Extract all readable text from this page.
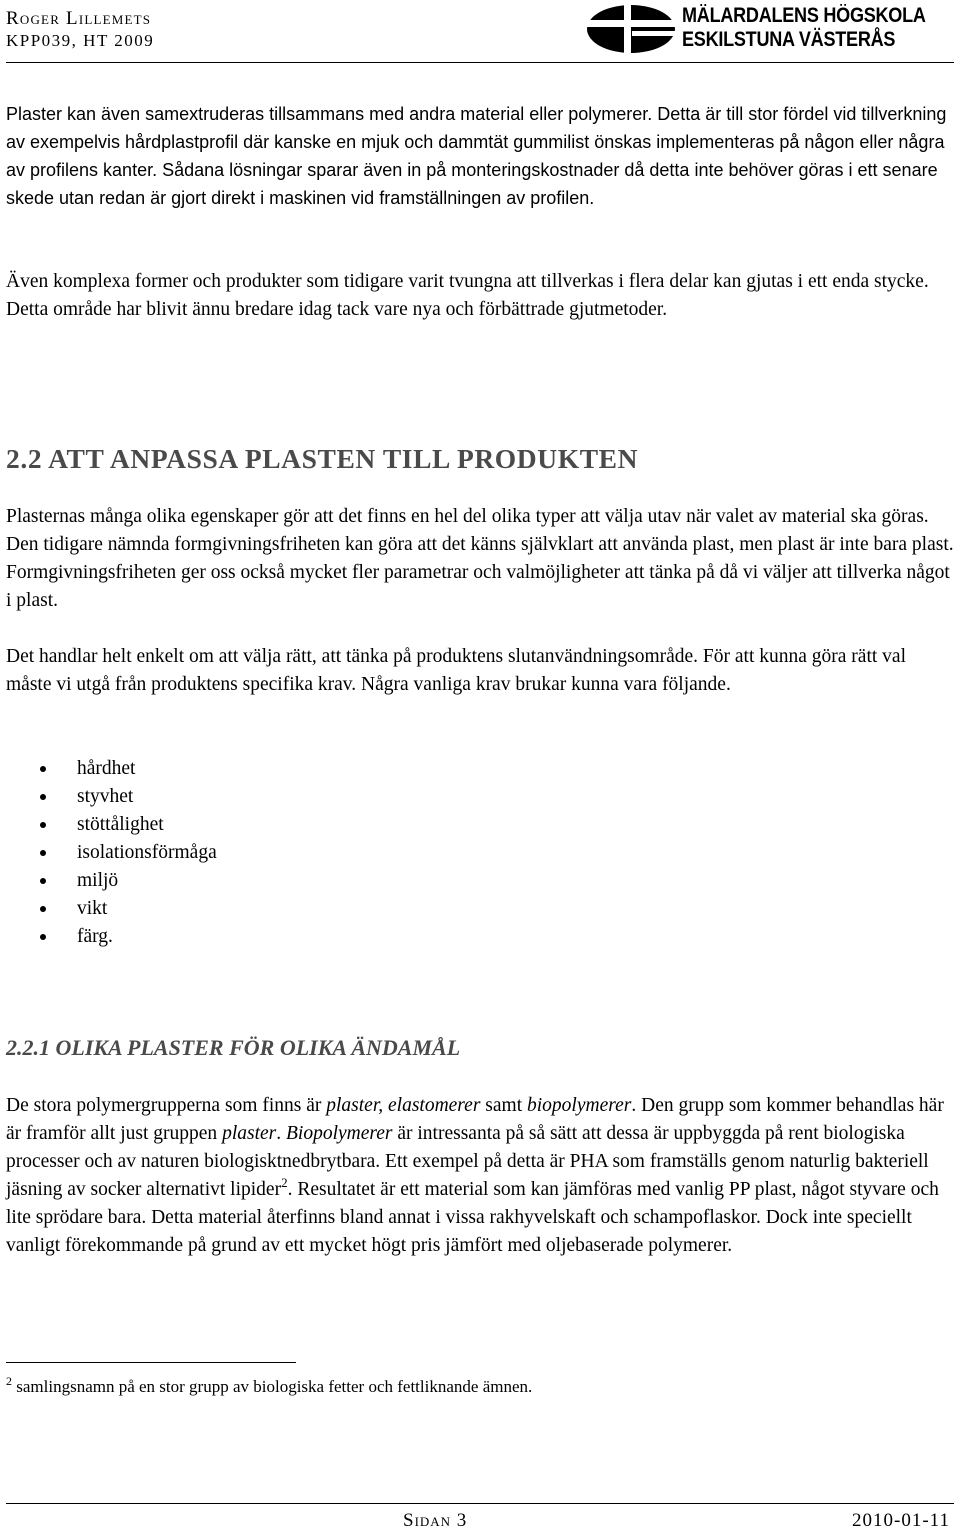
Roger Lillemets
KPP039, HT 2009
MÄLARDALENS HÖGSKOLA
ESKILSTUNA VÄSTERÅS
Plaster kan även samextruderas tillsammans med andra material eller polymerer. Detta är till stor fördel vid tillverkning av exempelvis hårdplastprofil där kanske en mjuk och dammtät gummilist önskas implementeras på någon eller några av profilens kanter. Sådana lösningar sparar även in på monteringskostnader då detta inte behöver göras i ett senare skede utan redan är gjort direkt i maskinen vid framställningen av profilen.
Även komplexa former och produkter som tidigare varit tvungna att tillverkas i flera delar kan gjutas i ett enda stycke. Detta område har blivit ännu bredare idag tack vare nya och förbättrade gjutmetoder.
2.2 ATT ANPASSA PLASTEN TILL PRODUKTEN
Plasternas många olika egenskaper gör att det finns en hel del olika typer att välja utav när valet av material ska göras. Den tidigare nämnda formgivningsfriheten kan göra att det känns självklart att använda plast, men plast är inte bara plast. Formgivningsfriheten ger oss också mycket fler parametrar och valmöjligheter att tänka på då vi väljer att tillverka något i plast.
Det handlar helt enkelt om att välja rätt, att tänka på produktens slutanvändningsområde. För att kunna göra rätt val måste vi utgå från produktens specifika krav. Några vanliga krav brukar kunna vara följande.
hårdhet
styvhet
stöttålighet
isolationsförmåga
miljö
vikt
färg.
2.2.1 OLIKA PLASTER FÖR OLIKA ÄNDAMÅL
De stora polymergrupperna som finns är plaster, elastomerer samt biopolymerer. Den grupp som kommer behandlas här är framför allt just gruppen plaster. Biopolymerer är intressanta på så sätt att dessa är uppbyggda på rent biologiska processer och av naturen biologisktnedbrytbara. Ett exempel på detta är PHA som framställs genom naturlig bakteriell jäsning av socker alternativt lipider$^2$. Resultatet är ett material som kan jämföras med vanlig PP plast, något styvare och lite sprödare bara. Detta material återfinns bland annat i vissa rakhyvelskaft och schampoflaskor. Dock inte speciellt vanligt förekommande på grund av ett mycket högt pris jämfört med oljebaserade polymerer.
$^2$ samlingsnamn på en stor grupp av biologiska fetter och fettliknande ämnen.
Sidan 3	2010-01-11
